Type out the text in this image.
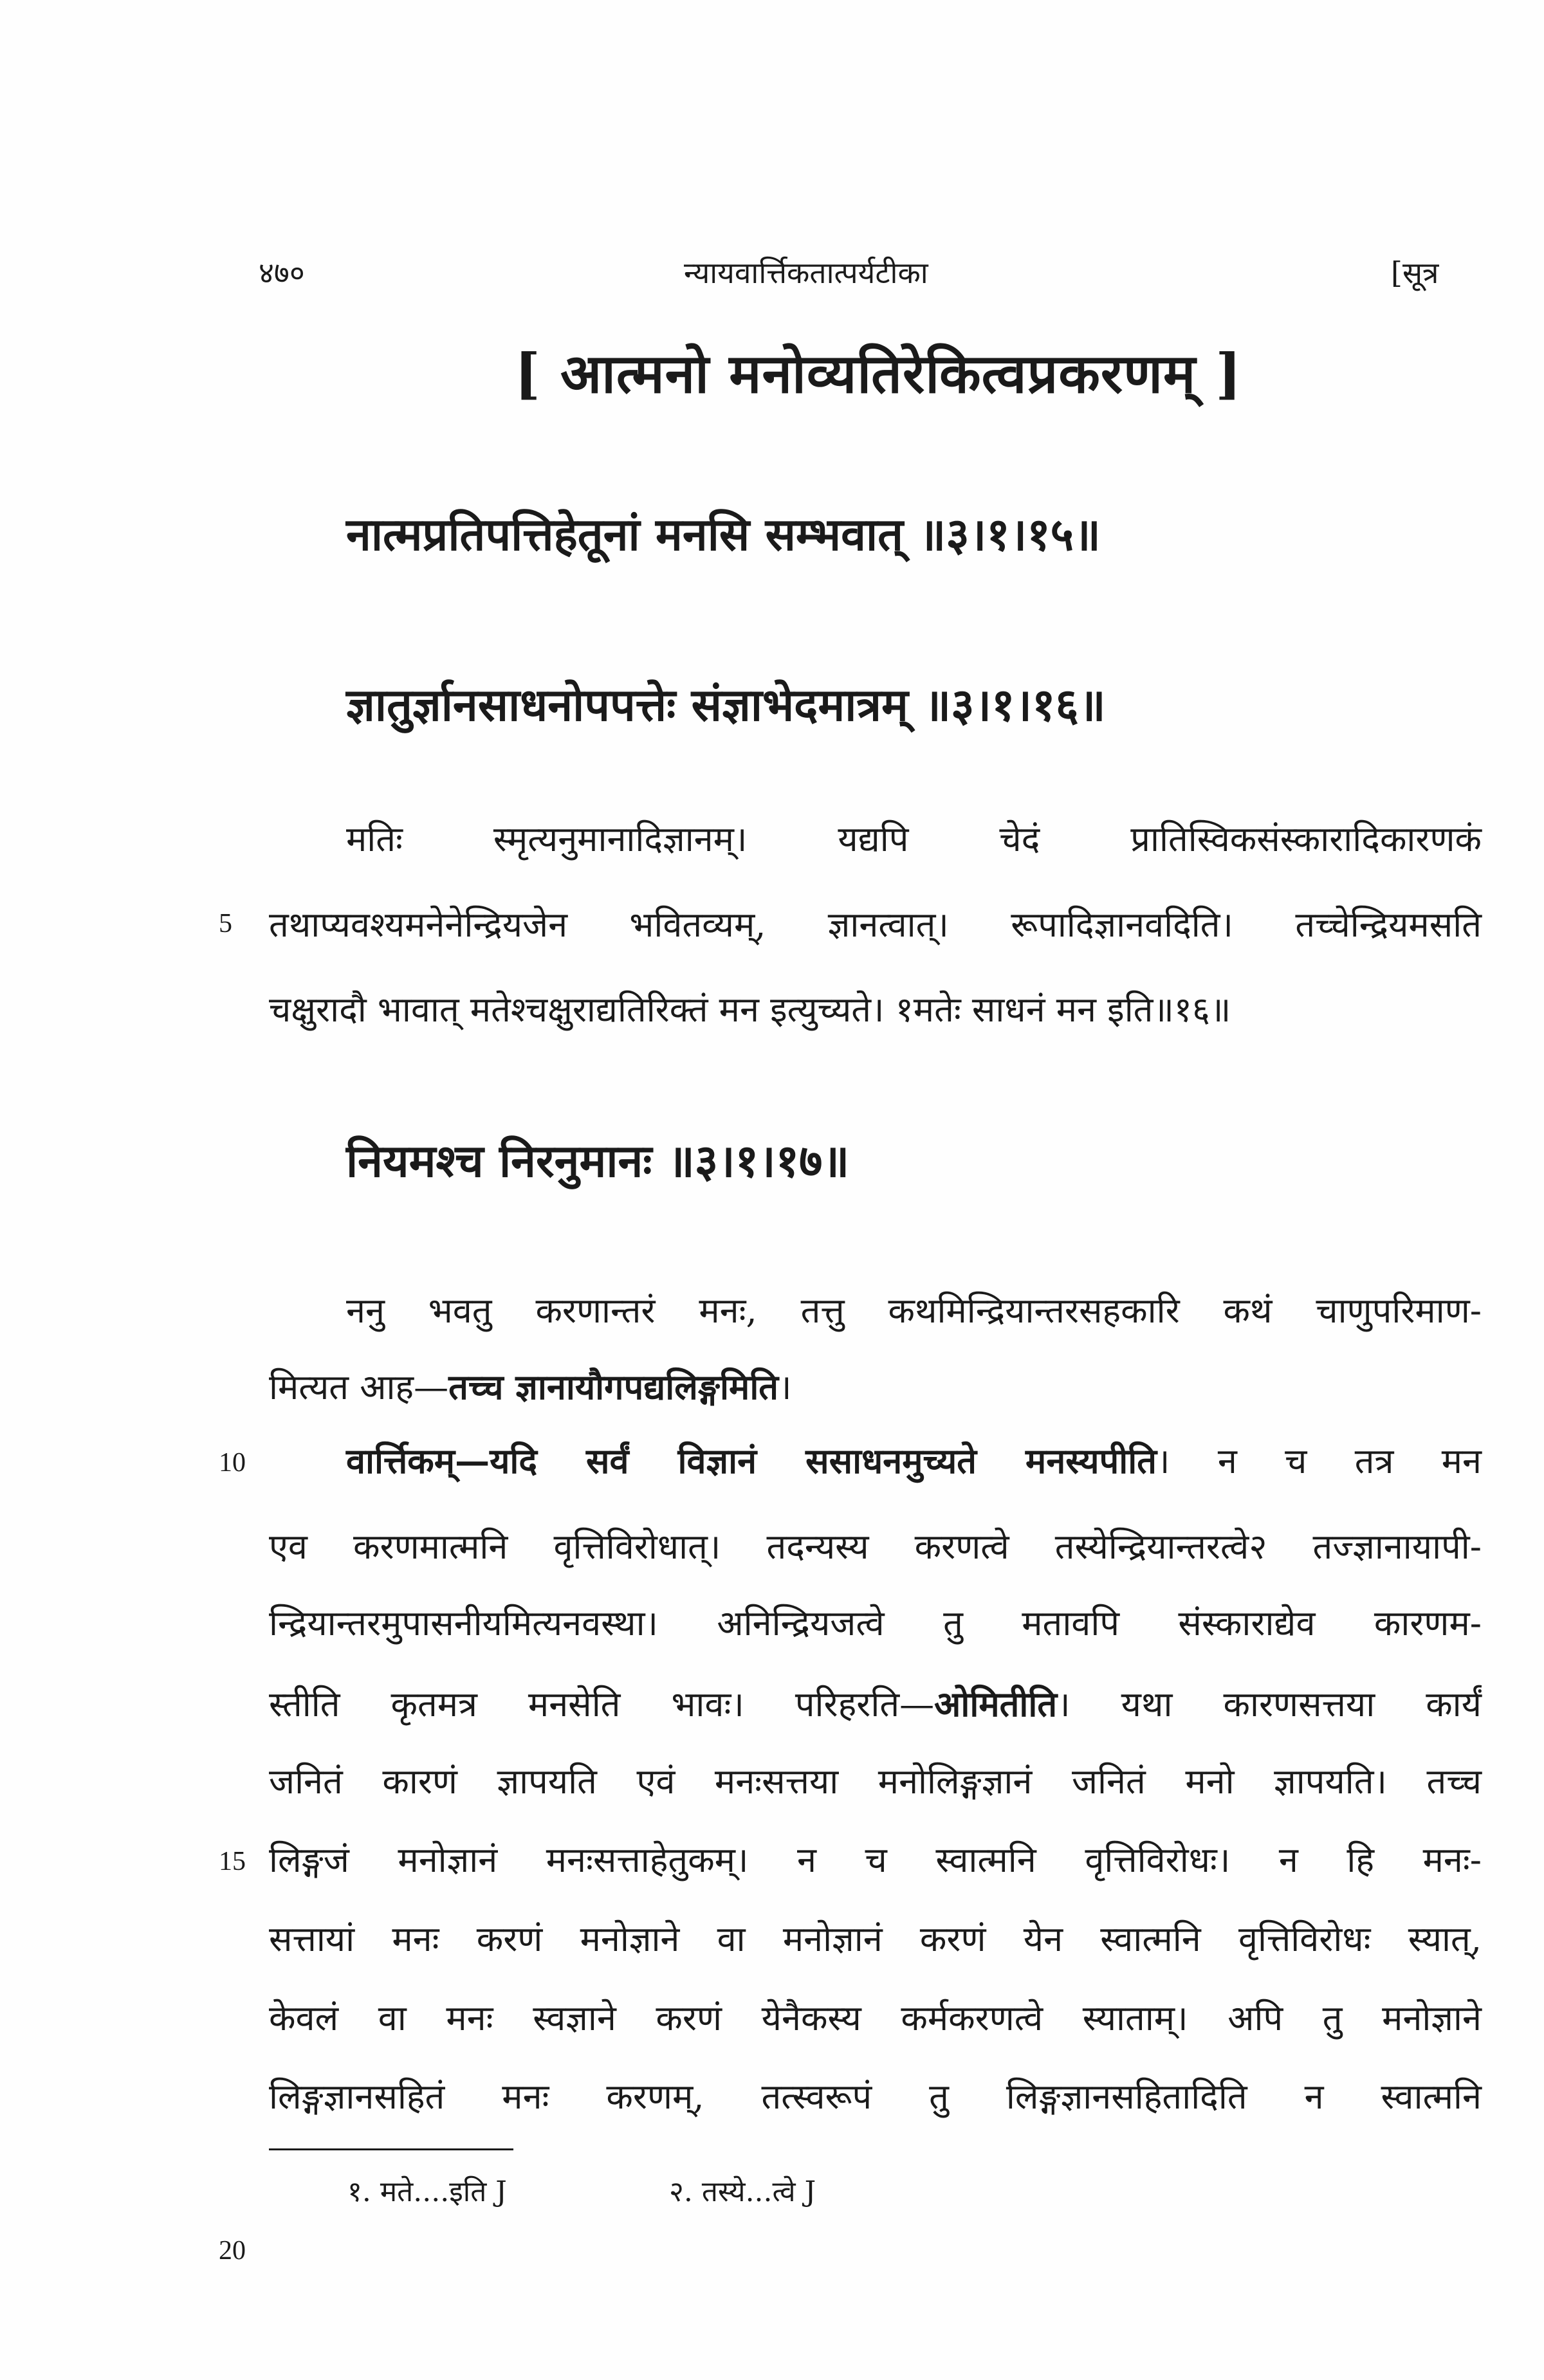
४७०	न्यायवार्त्तिकतात्पर्यटीका	[सूत्र
[ आत्मनो मनोव्यतिरेकित्वप्रकरणम् ]
नात्मप्रतिपत्तिहेतूनां मनसि सम्भवात् ॥३।१।१५॥
ज्ञातुर्ज्ञानसाधनोपपत्तेः संज्ञाभेदमात्रम् ॥३।१।१६॥
मतिः स्मृत्यनुमानादिज्ञानम्। यद्यपि चेदं प्रातिस्विकसंस्कारादिकारणकं
5 तथाप्यवश्यमनेनेन्द्रियजेन भवितव्यम्, ज्ञानत्वात्। रूपादिज्ञानवदिति। तच्चेन्द्रियमसति
चक्षुरादौ भावात् मतेश्चक्षुराद्यतिरिक्तं मन इत्युच्यते। १मतेः साधनं मन इति॥१६॥
नियमश्च निरनुमानः ॥३।१।१७॥
ननु भवतु करणान्तरं मनः, तत्तु कथमिन्द्रियान्तरसहकारि कथं चाणुपरिमाण-
मित्यत आह—तच्च ज्ञानायौगपद्यलिङ्गमिति।
10	वार्त्तिकम्—यदि सर्वं विज्ञानं ससाधनमुच्यते मनस्यपीति। न च तत्र मन
एव करणमात्मनि वृत्तिविरोधात्। तदन्यस्य करणत्वे तस्येन्द्रियान्तरत्वे२ तज्ज्ञानायापी-
न्द्रियान्तरमुपासनीयमित्यनवस्था। अनिन्द्रियजत्वे तु मतावपि संस्काराद्येव कारणम-
स्तीति कृतमत्र मनसेति भावः। परिहरति—ओमितीति। यथा कारणसत्तया कार्यं
जनितं कारणं ज्ञापयति एवं मनःसत्तया मनोलिङ्गज्ञानं जनितं मनो ज्ञापयति। तच्च
15 लिङ्गजं मनोज्ञानं मनःसत्ताहेतुकम्। न च स्वात्मनि वृत्तिविरोधः। न हि मनः-
सत्तायां मनः करणं मनोज्ञाने वा मनोज्ञानं करणं येन स्वात्मनि वृत्तिविरोधः स्यात्,
केवलं वा मनः स्वज्ञाने करणं येनैकस्य कर्मकरणत्वे स्याताम्। अपि तु मनोज्ञाने
लिङ्गज्ञानसहितं मनः करणम्, तत्स्वरूपं तु लिङ्गज्ञानसहितादिति न स्वात्मनि
१. मते....इति J	२. तस्ये...त्वे J
20
